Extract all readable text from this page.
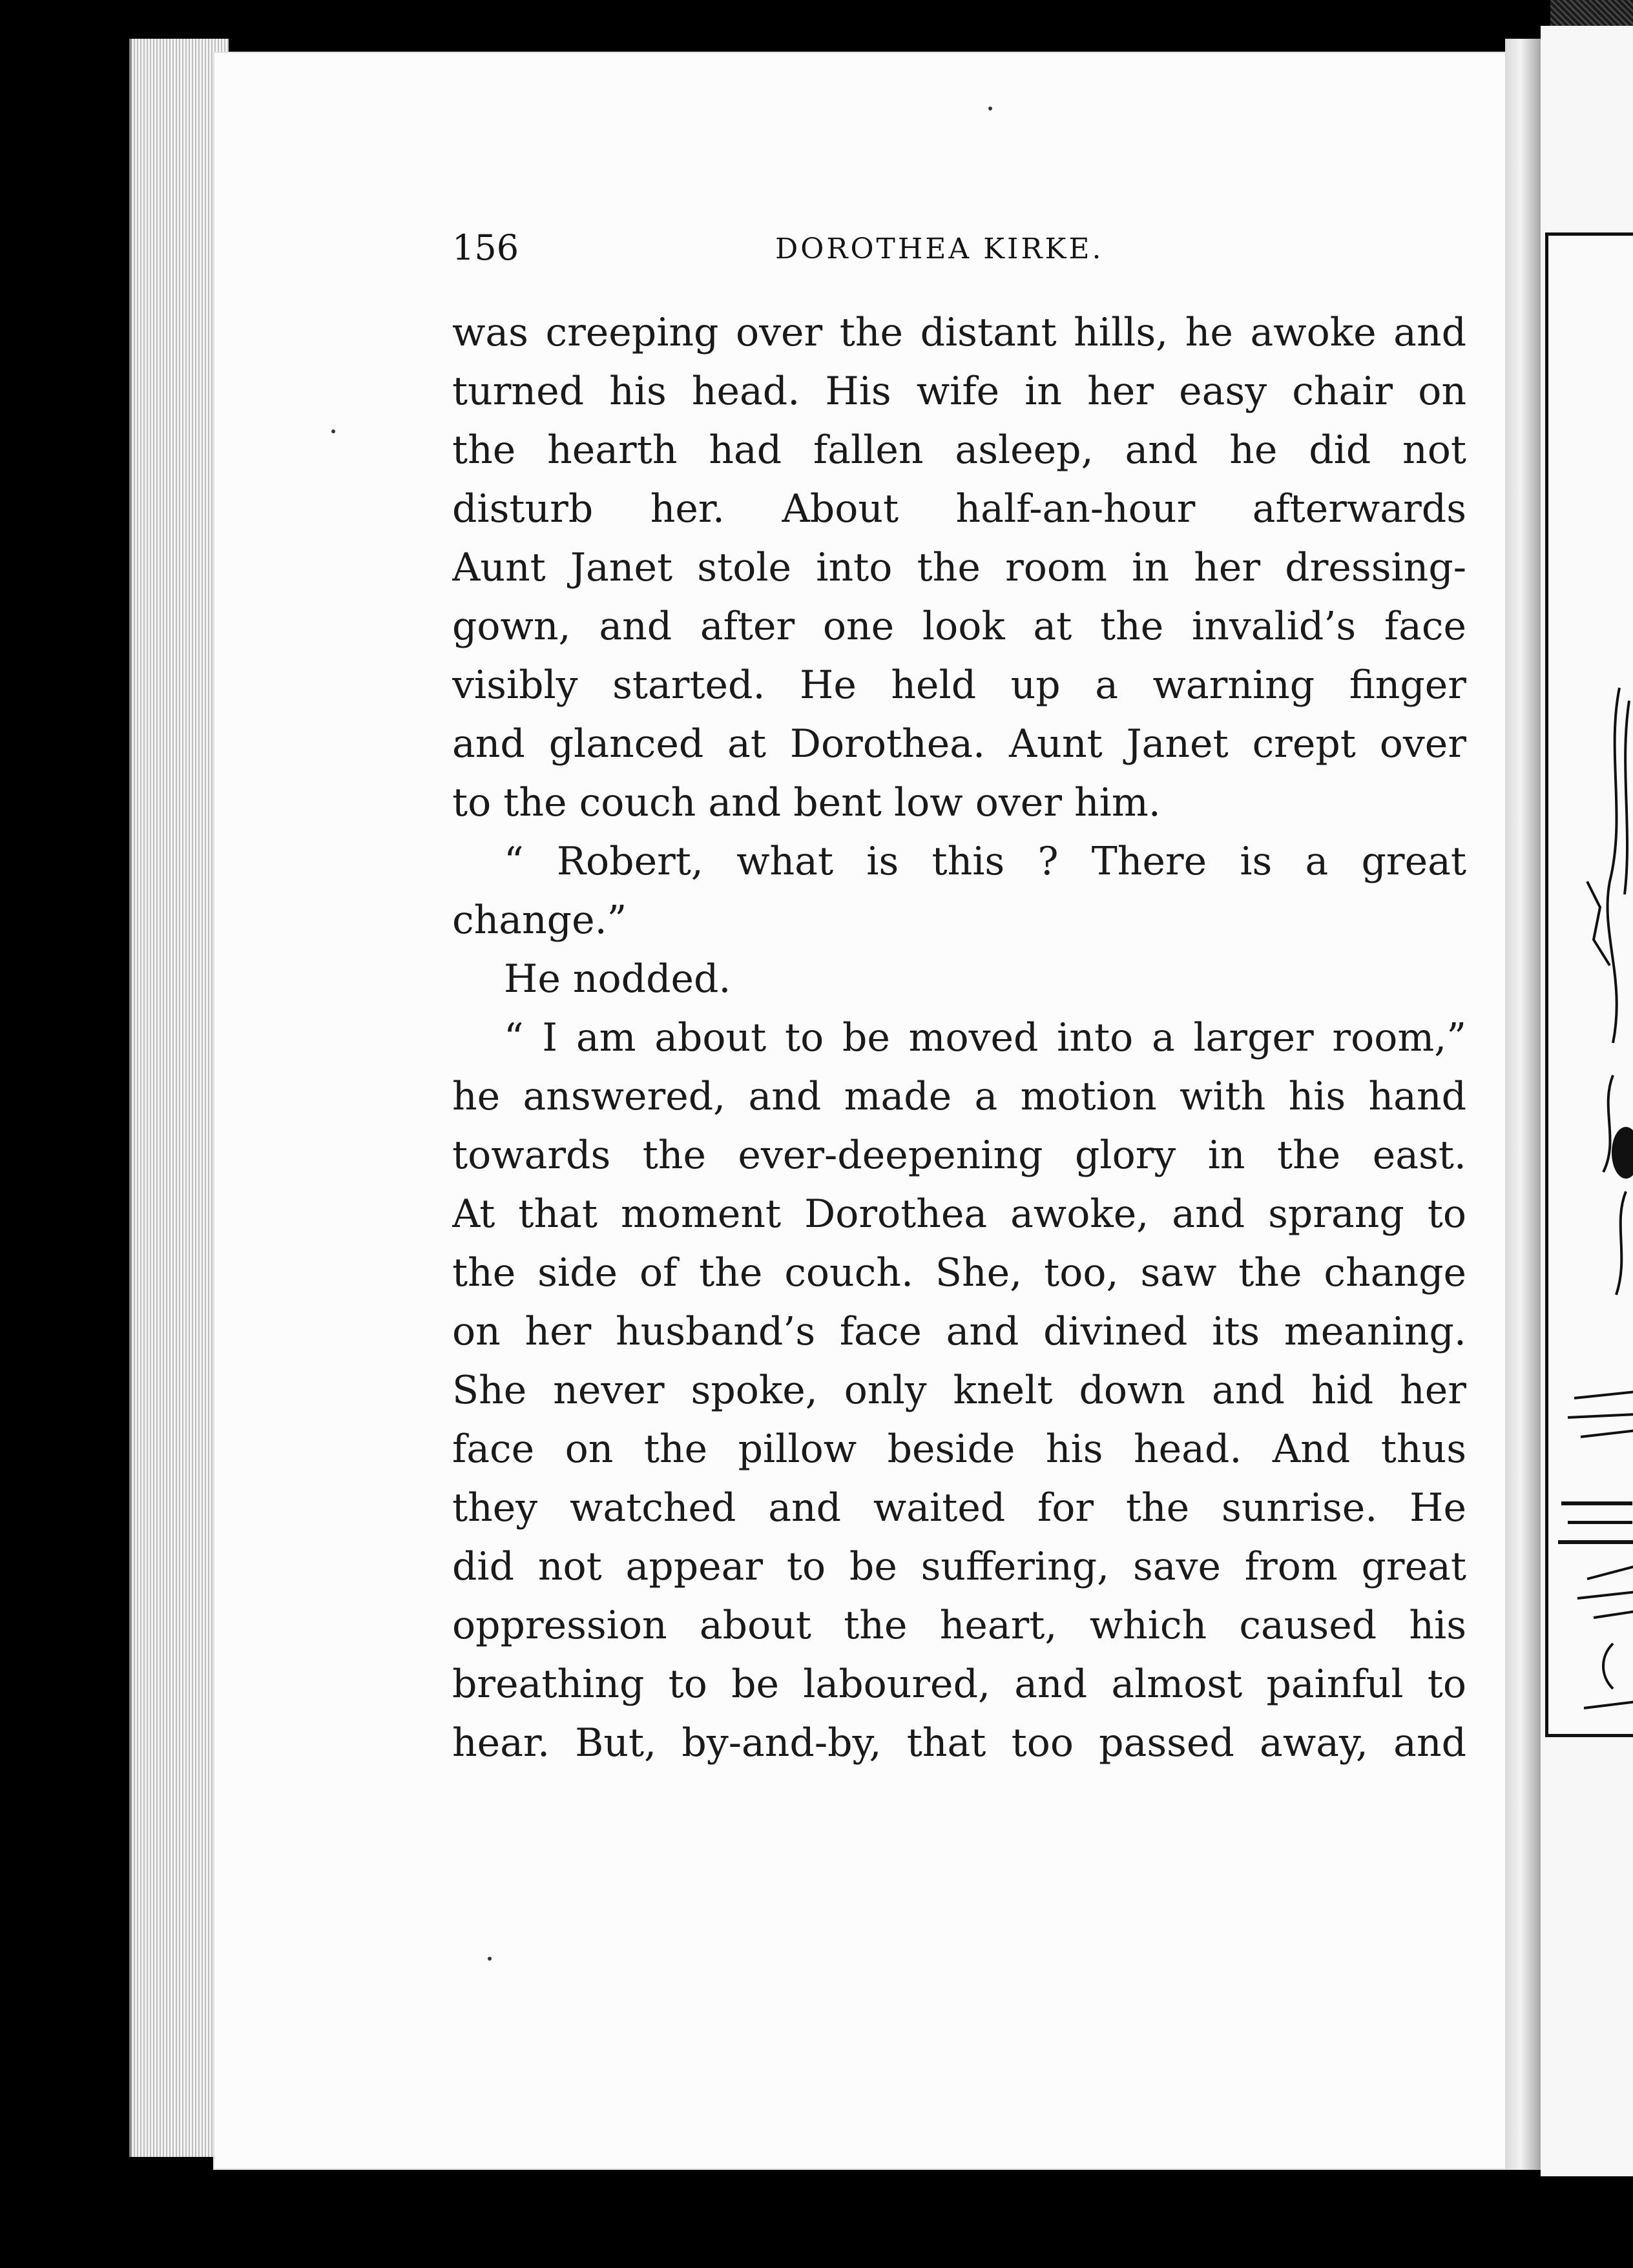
156	DOROTHEA KIRKE.
was creeping over the distant hills, he awoke and
turned his head. His wife in her easy chair on
the hearth had fallen asleep, and he did not
disturb her. About half-an-hour afterwards
Aunt Janet stole into the room in her dressing-
gown, and after one look at the invalid’s face
visibly started. He held up a warning finger
and glanced at Dorothea. Aunt Janet crept over
to the couch and bent low over him.
“ Robert, what is this ? There is a great
change.”
He nodded.
“ I am about to be moved into a larger room,”
he answered, and made a motion with his hand
towards the ever-deepening glory in the east.
At that moment Dorothea awoke, and sprang to
the side of the couch. She, too, saw the change
on her husband’s face and divined its meaning.
She never spoke, only knelt down and hid her
face on the pillow beside his head. And thus
they watched and waited for the sunrise. He
did not appear to be suffering, save from great
oppression about the heart, which caused his
breathing to be laboured, and almost painful to
hear. But, by-and-by, that too passed away, and
